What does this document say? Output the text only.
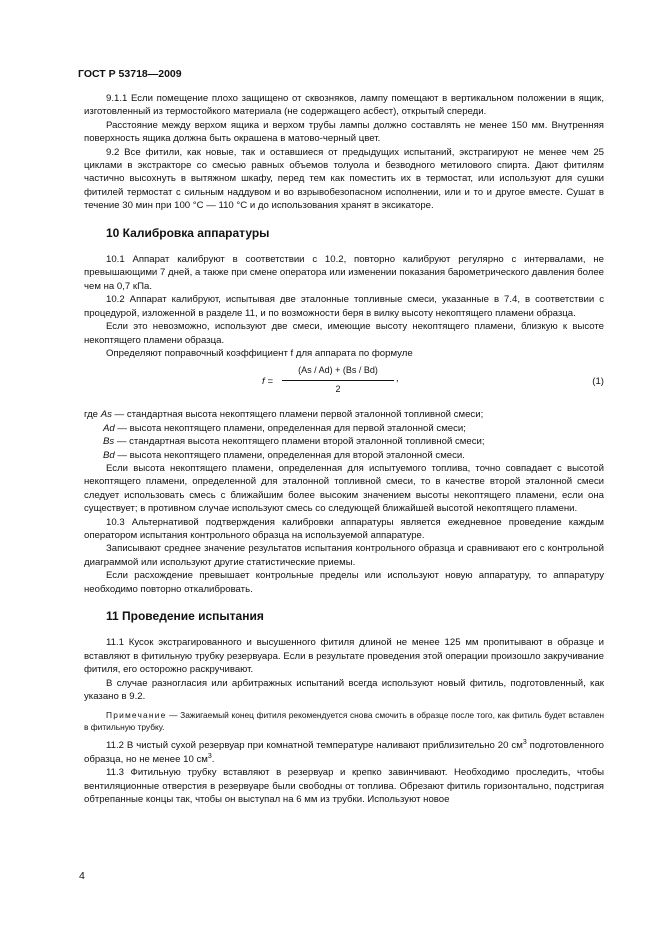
ГОСТ Р 53718—2009

9.1.1 Если помещение плохо защищено от сквозняков, лампу помещают в вертикальном положении в ящик, изготовленный из термостойкого материала (не содержащего асбест), открытый спереди.

Расстояние между верхом ящика и верхом трубы лампы должно составлять не менее 150 мм. Внутренняя поверхность ящика должна быть окрашена в матово-черный цвет.

9.2 Все фитили, как новые, так и оставшиеся от предыдущих испытаний, экстрагируют не менее чем 25 циклами в экстракторе со смесью равных объемов толуола и безводного метилового спирта. Дают фитилям частично высохнуть в вытяжном шкафу, перед тем как поместить их в термостат, или используют для сушки фитилей термостат с сильным наддувом и во взрывобезопасном исполнении, или и то и другое вместе. Сушат в течение 30 мин при 100 °С — 110 °С и до использования хранят в эксикаторе.

10 Калибровка аппаратуры

10.1 Аппарат калибруют в соответствии с 10.2, повторно калибруют регулярно с интервалами, не превышающими 7 дней, а также при смене оператора или изменении показания барометрического давления более чем на 0,7 кПа.

10.2 Аппарат калибруют, испытывая две эталонные топливные смеси, указанные в 7.4, в соответствии с процедурой, изложенной в разделе 11, и по возможности беря в вилку высоту некоптящего пламени образца.

Если это невозможно, используют две смеси, имеющие высоту некоптящего пламени, близкую к высоте некоптящего пламени образца.

Определяют поправочный коэффициент f для аппарата по формуле

$f = \frac{(As / Ad) + (Bs / Bd)}{2}$ ,	(1)

где As — стандартная высота некоптящего пламени первой эталонной топливной смеси;

Ad — высота некоптящего пламени, определенная для первой эталонной смеси;

Bs — стандартная высота некоптящего пламени второй эталонной топливной смеси;

Bd — высота некоптящего пламени, определенная для второй эталонной смеси.

Если высота некоптящего пламени, определенная для испытуемого топлива, точно совпадает с высотой некоптящего пламени, определенной для эталонной топливной смеси, то в качестве второй эталонной смеси следует использовать смесь с ближайшим более высоким значением высоты некоптящего пламени, если она существует; в противном случае используют смесь со следующей ближайшей высотой некоптящего пламени.

10.3 Альтернативой подтверждения калибровки аппаратуры является ежедневное проведение каждым оператором испытания контрольного образца на используемой аппаратуре.

Записывают среднее значение результатов испытания контрольного образца и сравнивают его с контрольной диаграммой или используют другие статистические приемы.

Если расхождение превышает контрольные пределы или используют новую аппаратуру, то аппаратуру необходимо повторно откалибровать.

11 Проведение испытания

11.1 Кусок экстрагированного и высушенного фитиля длиной не менее 125 мм пропитывают в образце и вставляют в фитильную трубку резервуара. Если в результате проведения этой операции произошло закручивание фитиля, его осторожно раскручивают.

В случае разногласия или арбитражных испытаний всегда используют новый фитиль, подготовленный, как указано в 9.2.

Примечание — Зажигаемый конец фитиля рекомендуется снова смочить в образце после того, как фитиль будет вставлен в фитильную трубку.

11.2 В чистый сухой резервуар при комнатной температуре наливают приблизительно 20 $см^3$ подготовленного образца, но не менее 10 $см^3$.

11.3 Фитильную трубку вставляют в резервуар и крепко завинчивают. Необходимо проследить, чтобы вентиляционные отверстия в резервуаре были свободны от топлива. Обрезают фитиль горизонтально, подстригая обтрепанные концы так, чтобы он выступал на 6 мм из трубки. Используют новое

4
